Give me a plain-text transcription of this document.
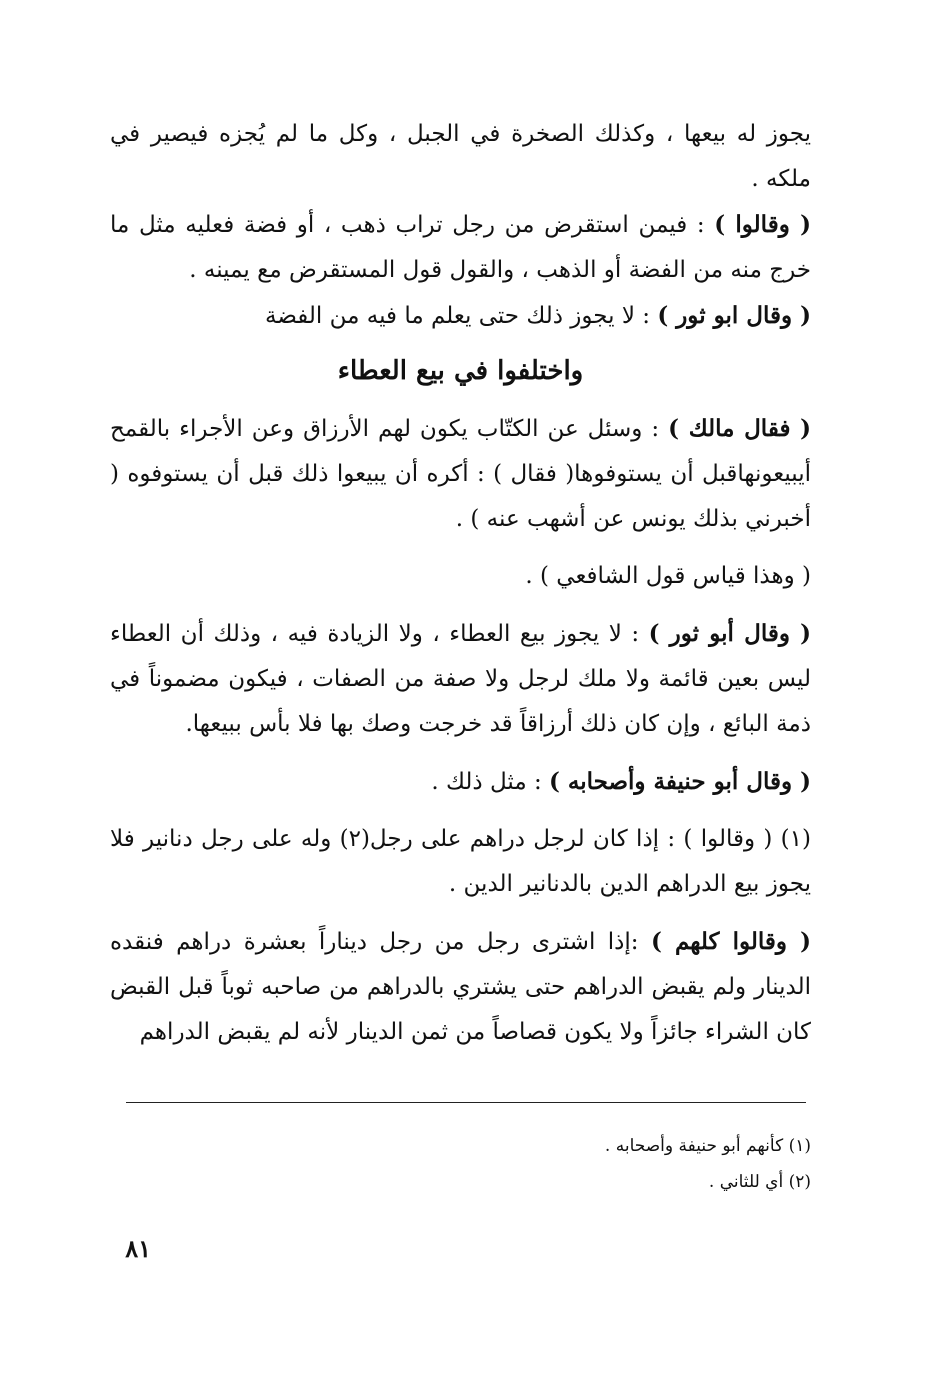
يجوز له بيعها ، وكذلك الصخرة في الجبل ، وكل ما لم يُجزه فيصير في ملكه .

( وقالوا ) : فيمن استقرض من رجل تراب ذهب ، أو فضة فعليه مثل ما خرج منه من الفضة أو الذهب ، والقول قول المستقرض مع يمينه .

( وقال ابو ثور ) : لا يجوز ذلك حتى يعلم ما فيه من الفضة

واختلفوا في بيع العطاء

( فقال مالك ) : وسئل عن الكتّاب يكون لهم الأرزاق وعن الأجراء بالقمح أيبيعونهاقبل أن يستوفوها( فقال ) : أكره أن يبيعوا ذلك قبل أن يستوفوه ( أخبرني بذلك يونس عن أشهب عنه ) .

( وهذا قياس قول الشافعي ) .

( وقال أبو ثور ) : لا يجوز بيع العطاء ، ولا الزيادة فيه ، وذلك أن العطاء ليس بعين قائمة ولا ملك لرجل ولا صفة من الصفات ، فيكون مضموناً في ذمة البائع ، وإن كان ذلك أرزاقاً قد خرجت وصك بها فلا بأس ببيعها.

( وقال أبو حنيفة وأصحابه ) : مثل ذلك .

(١) ( وقالوا ) : إذا كان لرجل دراهم على رجل(٢) وله على رجل دنانير فلا يجوز بيع الدراهم الدين بالدنانير الدين .

( وقالوا كلهم ) :إذا اشترى رجل من رجل ديناراً بعشرة دراهم فنقده الدينار ولم يقبض الدراهم حتى يشتري بالدراهم من صاحبه ثوباً قبل القبض كان الشراء جائزاً ولا يكون قصاصاً من ثمن الدينار لأنه لم يقبض الدراهم

(١) كأنهم أبو حنيفة وأصحابه .

(٢) أي للثاني .

٨١
